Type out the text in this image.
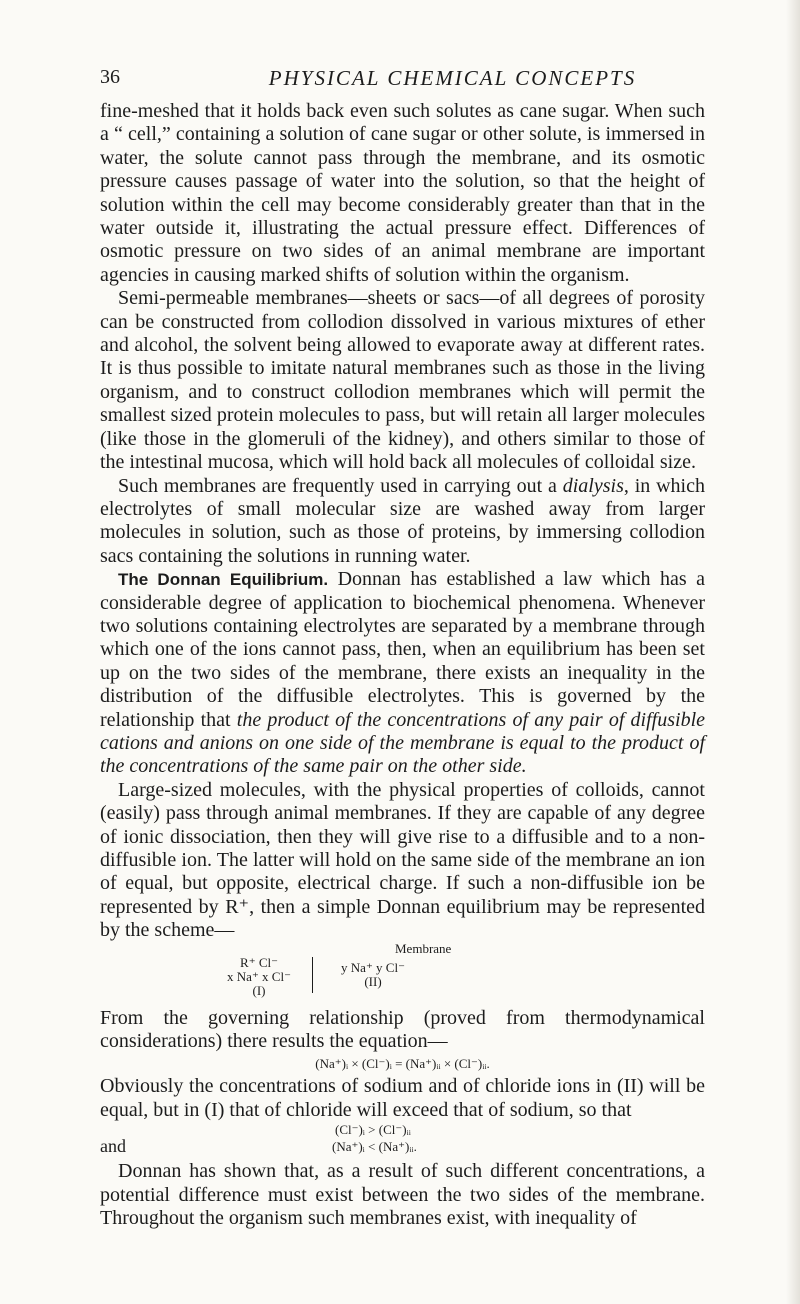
36	PHYSICAL CHEMICAL CONCEPTS

fine-meshed that it holds back even such solutes as cane sugar. When such a “ cell,” containing a solution of cane sugar or other solute, is immersed in water, the solute cannot pass through the membrane, and its osmotic pressure causes passage of water into the solution, so that the height of solution within the cell may become considerably greater than that in the water outside it, illustrating the actual pressure effect. Differences of osmotic pressure on two sides of an animal membrane are important agencies in causing marked shifts of solution within the organism.

Semi-permeable membranes—sheets or sacs—of all degrees of porosity can be constructed from collodion dissolved in various mixtures of ether and alcohol, the solvent being allowed to evaporate away at different rates. It is thus possible to imitate natural membranes such as those in the living organism, and to construct collodion membranes which will permit the smallest sized protein molecules to pass, but will retain all larger molecules (like those in the glomeruli of the kidney), and others similar to those of the intestinal mucosa, which will hold back all molecules of colloidal size.

Such membranes are frequently used in carrying out a dialysis, in which electrolytes of small molecular size are washed away from larger molecules in solution, such as those of proteins, by immersing collodion sacs containing the solutions in running water.

The Donnan Equilibrium. Donnan has established a law which has a considerable degree of application to biochemical phenomena. Whenever two solutions containing electrolytes are separated by a membrane through which one of the ions cannot pass, then, when an equilibrium has been set up on the two sides of the membrane, there exists an inequality in the distribution of the diffusible electrolytes. This is governed by the relationship that the product of the concentrations of any pair of diffusible cations and anions on one side of the membrane is equal to the product of the concentrations of the same pair on the other side.

Large-sized molecules, with the physical properties of colloids, cannot (easily) pass through animal membranes. If they are capable of any degree of ionic dissociation, then they will give rise to a diffusible and to a non-diffusible ion. The latter will hold on the same side of the membrane an ion of equal, but opposite, electrical charge. If such a non-diffusible ion be represented by R⁺, then a simple Donnan equilibrium may be represented by the scheme—

Membrane
R⁺ Cl⁻
x Na⁺ x Cl⁻
(I)
y Na⁺ y Cl⁻
(II)

From the governing relationship (proved from thermodynamical considerations) there results the equation—

(Na⁺)ᵢ × (Cl⁻)ᵢ = (Na⁺)ᵢᵢ × (Cl⁻)ᵢᵢ.

Obviously the concentrations of sodium and of chloride ions in (II) will be equal, but in (I) that of chloride will exceed that of sodium, so that

(Cl⁻)ᵢ > (Cl⁻)ᵢᵢ
and	(Na⁺)ᵢ < (Na⁺)ᵢᵢ.

Donnan has shown that, as a result of such different concentrations, a potential difference must exist between the two sides of the membrane. Throughout the organism such membranes exist, with inequality of
